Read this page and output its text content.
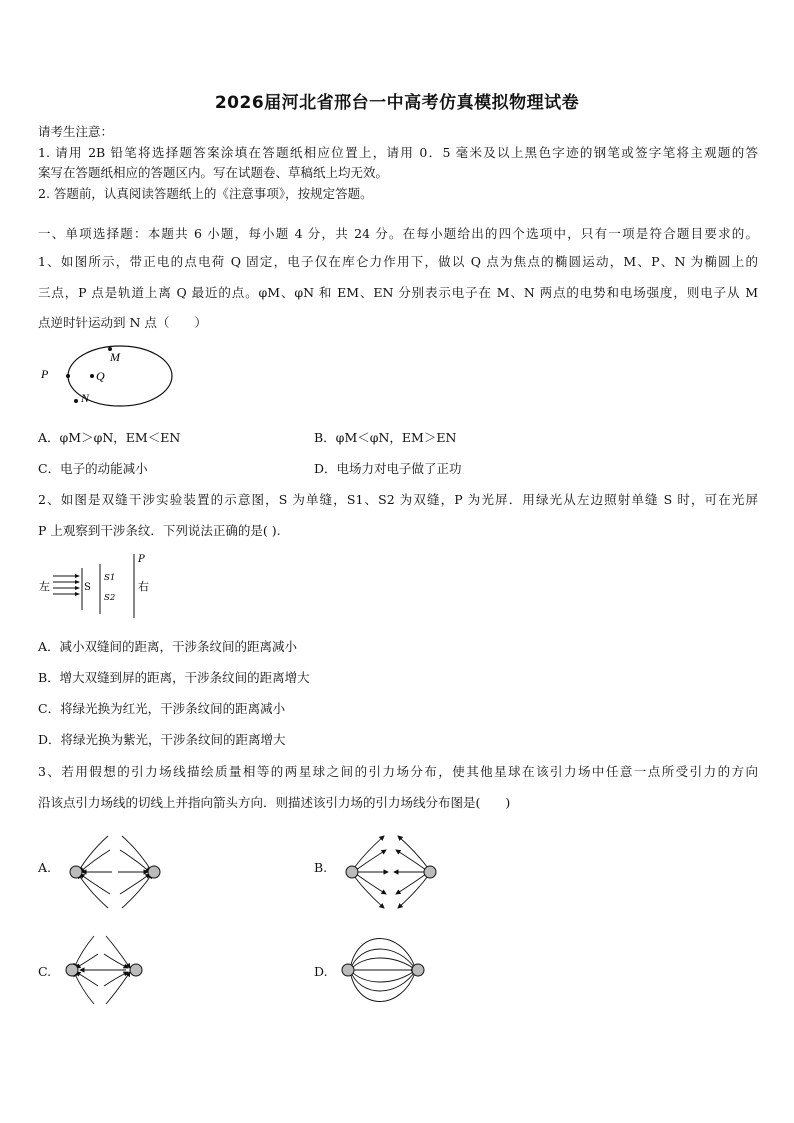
2026届河北省邢台一中高考仿真模拟物理试卷
请考生注意：
1. 请用 2B 铅笔将选择题答案涂填在答题纸相应位置上，请用 0．5 毫米及以上黑色字迹的钢笔或签字笔将主观题的答
案写在答题纸相应的答题区内。写在试题卷、草稿纸上均无效。
2. 答题前，认真阅读答题纸上的《注意事项》，按规定答题。
一、单项选择题：本题共 6 小题，每小题 4 分，共 24 分。在每小题给出的四个选项中，只有一项是符合题目要求的。
1、如图所示，带正电的点电荷 Q 固定，电子仅在库仑力作用下，做以 Q 点为焦点的椭圆运动，M、P、N 为椭圆上的
三点，P 点是轨道上离 Q 最近的点。φM、φN 和 EM、EN 分别表示电子在 M、N 两点的电势和电场强度，则电子从 M
点逆时针运动到 N 点（　　）
P	Q
M
N
A．φM＞φN，EM＜EN	B．φM＜φN，EM＞EN
C．电子的动能减小	D．电场力对电子做了正功
2、如图是双缝干涉实验装置的示意图，S 为单缝，S1、S2 为双缝，P 为光屏．用绿光从左边照射单缝 S 时，可在光屏
P 上观察到干涉条纹．下列说法正确的是( ).
左	S
S1
S2
P
右
A．减小双缝间的距离，干涉条纹间的距离减小
B．增大双缝到屏的距离，干涉条纹间的距离增大
C．将绿光换为红光，干涉条纹间的距离减小
D．将绿光换为紫光，干涉条纹间的距离增大
3、若用假想的引力场线描绘质量相等的两星球之间的引力场分布，使其他星球在该引力场中任意一点所受引力的方向
沿该点引力场线的切线上并指向箭头方向．则描述该引力场的引力场线分布图是(　　)
A.	B.
C.	D.
